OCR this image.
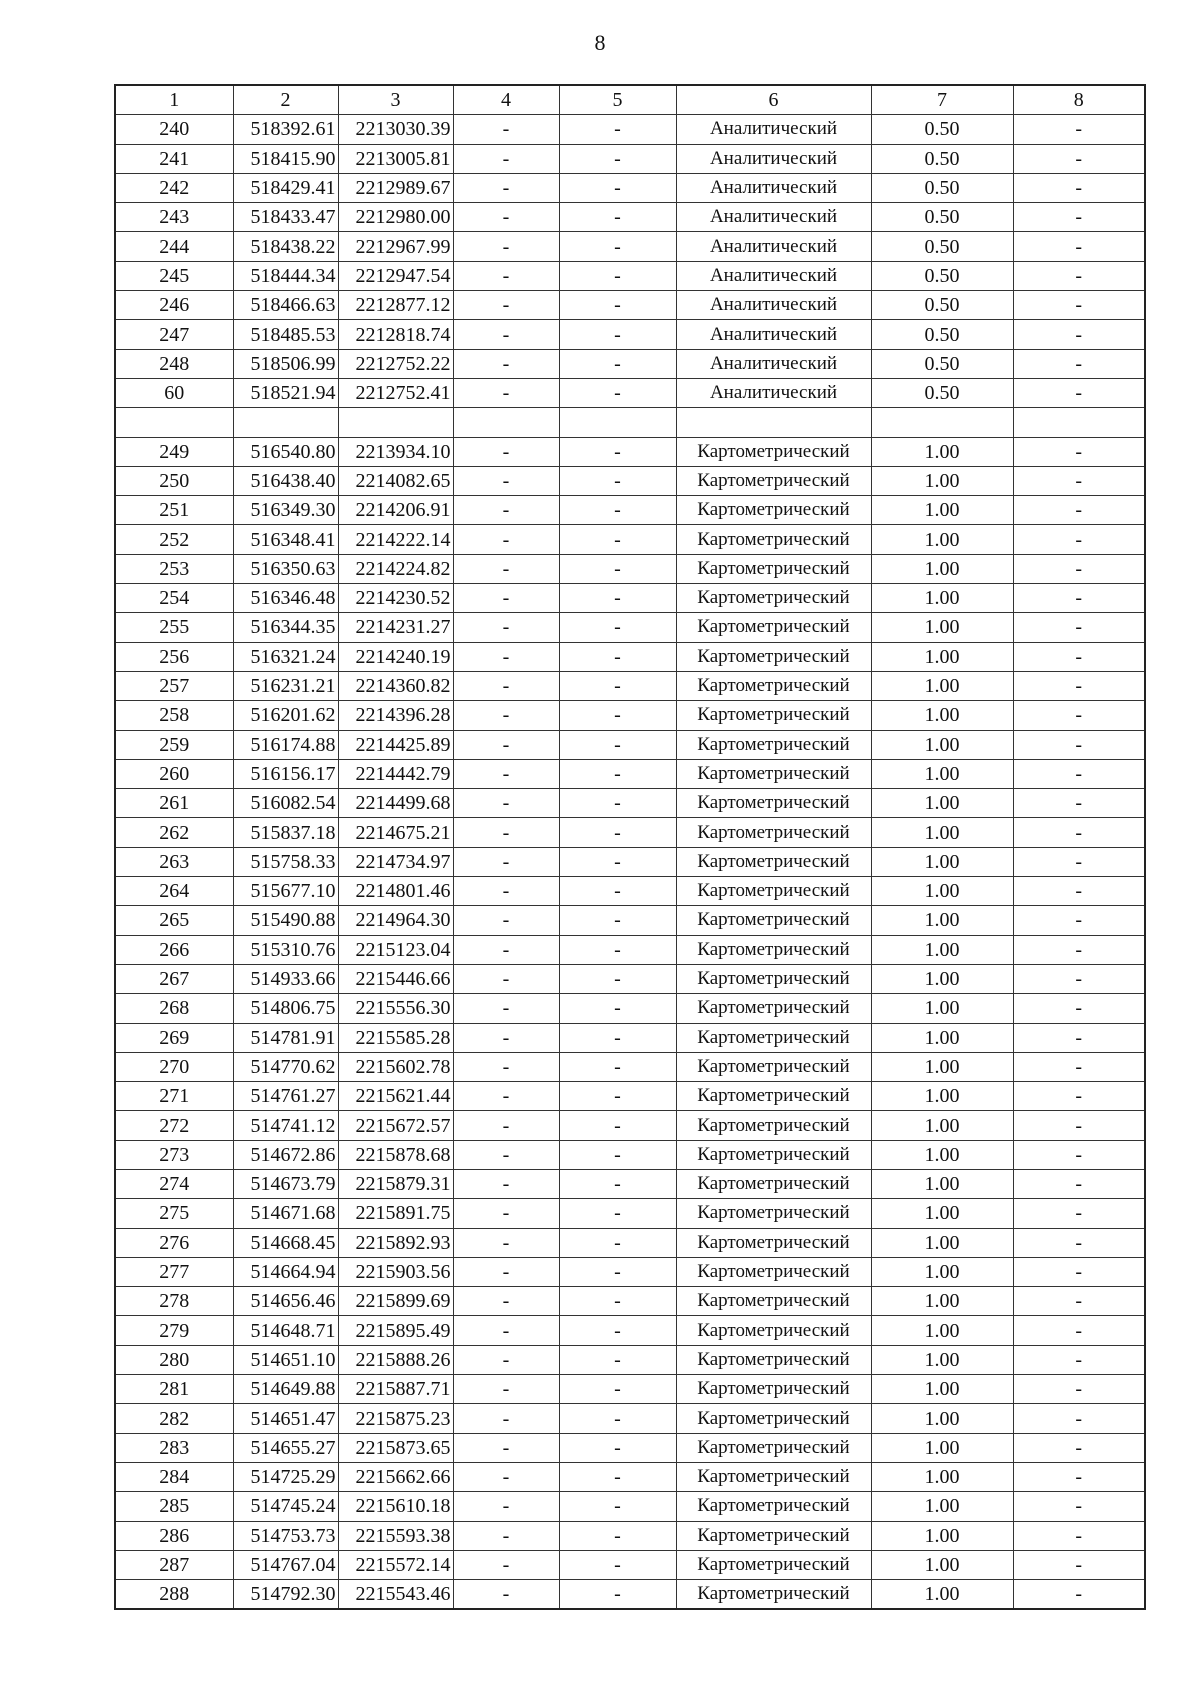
8
1	2	3	4	5	6	7	8
240	518392.61	2213030.39	-	-	Аналитический	0.50	-
241	518415.90	2213005.81	-	-	Аналитический	0.50	-
242	518429.41	2212989.67	-	-	Аналитический	0.50	-
243	518433.47	2212980.00	-	-	Аналитический	0.50	-
244	518438.22	2212967.99	-	-	Аналитический	0.50	-
245	518444.34	2212947.54	-	-	Аналитический	0.50	-
246	518466.63	2212877.12	-	-	Аналитический	0.50	-
247	518485.53	2212818.74	-	-	Аналитический	0.50	-
248	518506.99	2212752.22	-	-	Аналитический	0.50	-
60	518521.94	2212752.41	-	-	Аналитический	0.50	-

249	516540.80	2213934.10	-	-	Картометрический	1.00	-
250	516438.40	2214082.65	-	-	Картометрический	1.00	-
251	516349.30	2214206.91	-	-	Картометрический	1.00	-
252	516348.41	2214222.14	-	-	Картометрический	1.00	-
253	516350.63	2214224.82	-	-	Картометрический	1.00	-
254	516346.48	2214230.52	-	-	Картометрический	1.00	-
255	516344.35	2214231.27	-	-	Картометрический	1.00	-
256	516321.24	2214240.19	-	-	Картометрический	1.00	-
257	516231.21	2214360.82	-	-	Картометрический	1.00	-
258	516201.62	2214396.28	-	-	Картометрический	1.00	-
259	516174.88	2214425.89	-	-	Картометрический	1.00	-
260	516156.17	2214442.79	-	-	Картометрический	1.00	-
261	516082.54	2214499.68	-	-	Картометрический	1.00	-
262	515837.18	2214675.21	-	-	Картометрический	1.00	-
263	515758.33	2214734.97	-	-	Картометрический	1.00	-
264	515677.10	2214801.46	-	-	Картометрический	1.00	-
265	515490.88	2214964.30	-	-	Картометрический	1.00	-
266	515310.76	2215123.04	-	-	Картометрический	1.00	-
267	514933.66	2215446.66	-	-	Картометрический	1.00	-
268	514806.75	2215556.30	-	-	Картометрический	1.00	-
269	514781.91	2215585.28	-	-	Картометрический	1.00	-
270	514770.62	2215602.78	-	-	Картометрический	1.00	-
271	514761.27	2215621.44	-	-	Картометрический	1.00	-
272	514741.12	2215672.57	-	-	Картометрический	1.00	-
273	514672.86	2215878.68	-	-	Картометрический	1.00	-
274	514673.79	2215879.31	-	-	Картометрический	1.00	-
275	514671.68	2215891.75	-	-	Картометрический	1.00	-
276	514668.45	2215892.93	-	-	Картометрический	1.00	-
277	514664.94	2215903.56	-	-	Картометрический	1.00	-
278	514656.46	2215899.69	-	-	Картометрический	1.00	-
279	514648.71	2215895.49	-	-	Картометрический	1.00	-
280	514651.10	2215888.26	-	-	Картометрический	1.00	-
281	514649.88	2215887.71	-	-	Картометрический	1.00	-
282	514651.47	2215875.23	-	-	Картометрический	1.00	-
283	514655.27	2215873.65	-	-	Картометрический	1.00	-
284	514725.29	2215662.66	-	-	Картометрический	1.00	-
285	514745.24	2215610.18	-	-	Картометрический	1.00	-
286	514753.73	2215593.38	-	-	Картометрический	1.00	-
287	514767.04	2215572.14	-	-	Картометрический	1.00	-
288	514792.30	2215543.46	-	-	Картометрический	1.00	-
